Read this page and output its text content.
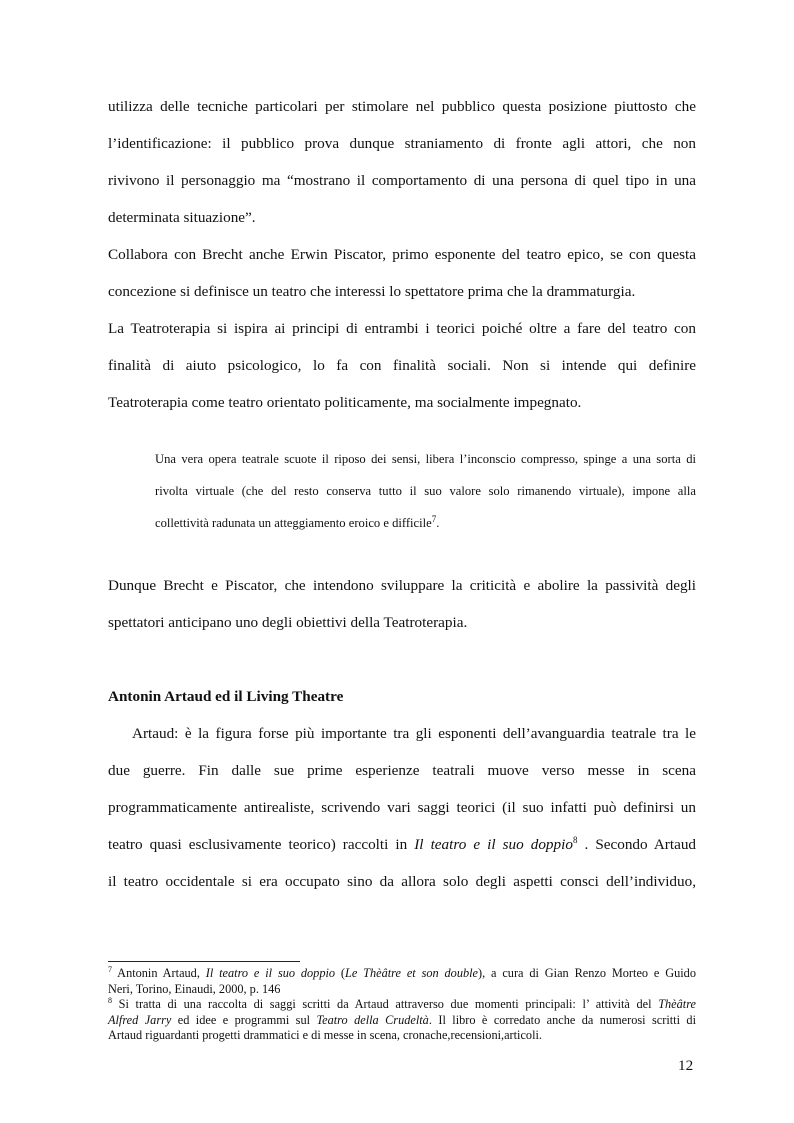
utilizza delle tecniche particolari per stimolare nel pubblico questa posizione piuttosto che
l’identificazione: il pubblico prova dunque straniamento di fronte agli attori, che non
rivivono il personaggio ma “mostrano il comportamento di una persona di quel tipo in una
determinata situazione”.
Collabora con Brecht anche Erwin Piscator, primo esponente del teatro epico, se con questa
concezione si definisce un teatro che interessi lo spettatore prima che la drammaturgia.
La Teatroterapia si ispira ai principi di entrambi i teorici poiché oltre a fare del teatro con
finalità di aiuto psicologico, lo fa con finalità sociali. Non si intende qui definire
Teatroterapia come teatro orientato politicamente, ma socialmente impegnato.
Una vera opera teatrale scuote il riposo dei sensi, libera l’inconscio compresso, spinge a una sorta di
rivolta virtuale (che del resto conserva tutto il suo valore solo rimanendo virtuale), impone alla
collettività radunata un atteggiamento eroico e difficile$^7$.
Dunque Brecht e Piscator, che intendono sviluppare la criticità e abolire la passività degli
spettatori anticipano uno degli obiettivi della Teatroterapia.
Antonin Artaud ed il Living Theatre
Artaud: è la figura forse più importante tra gli esponenti dell’avanguardia teatrale tra le
due guerre. Fin dalle sue prime esperienze teatrali muove verso messe in scena
programmaticamente antirealiste, scrivendo vari saggi teorici (il suo infatti può definirsi un
teatro quasi esclusivamente teorico) raccolti in Il teatro e il suo doppio$^8$ . Secondo Artaud
il teatro occidentale si era occupato sino da allora solo degli aspetti consci dell’individuo,
$^7$ Antonin Artaud, Il teatro e il suo doppio (Le Thèâtre et son double), a cura di Gian Renzo Morteo e Guido
Neri, Torino, Einaudi, 2000, p. 146
$^8$ Si tratta di una raccolta di saggi scritti da Artaud attraverso due momenti principali: l’ attività del Thèâtre
Alfred Jarry ed idee e programmi sul Teatro della Crudeltà. Il libro è corredato anche da numerosi scritti di
Artaud riguardanti progetti drammatici e di messe in scena, cronache,recensioni,articoli.
12
